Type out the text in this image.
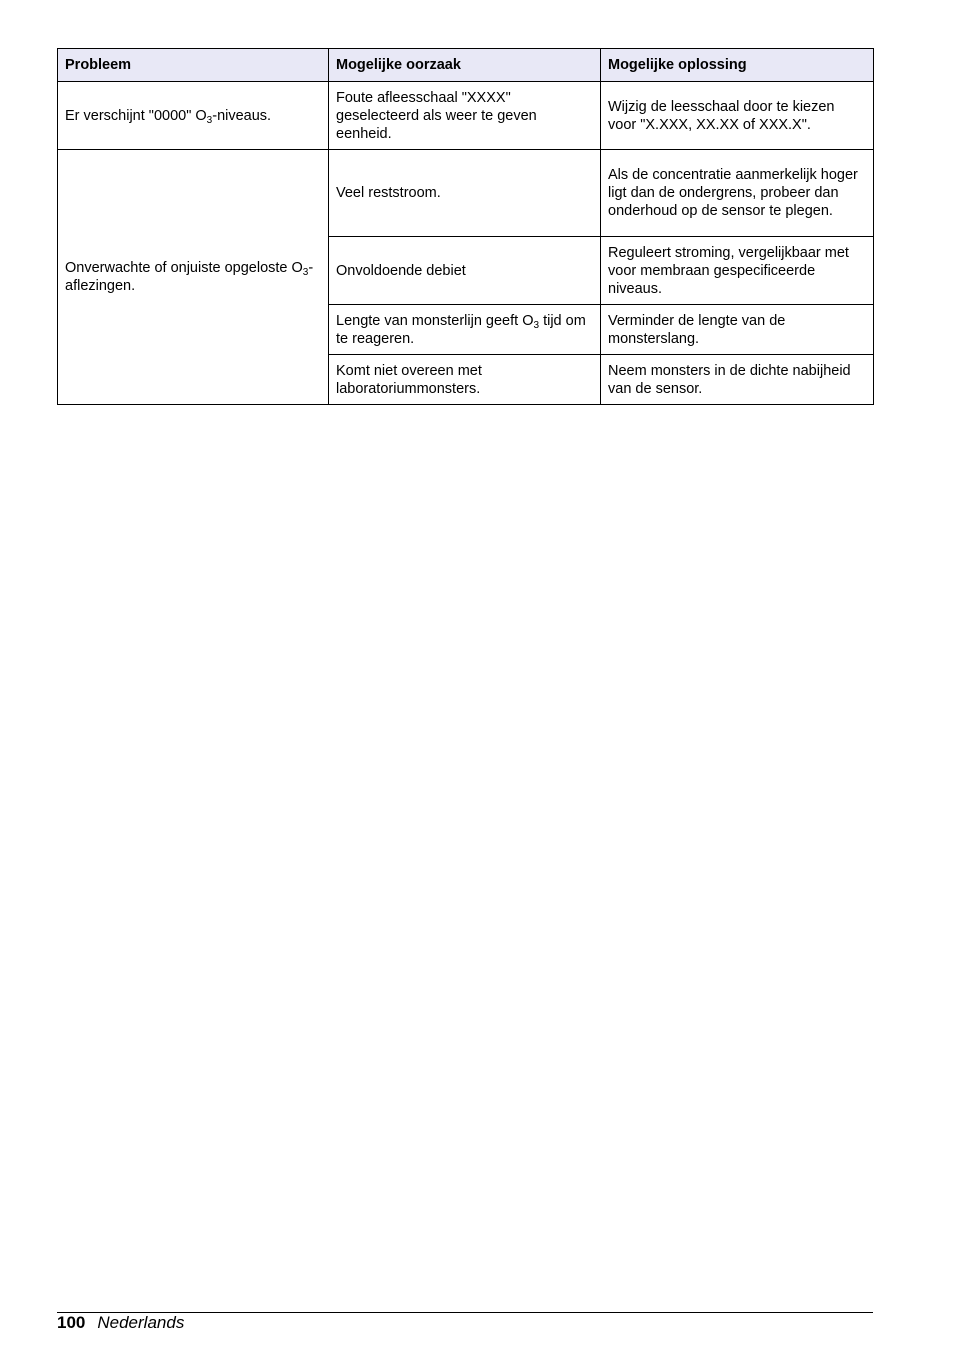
Probleem	Mogelijke oorzaak	Mogelijke oplossing
Er verschijnt "0000" $O_3$-niveaus.	Foute afleesschaal "XXXX" geselecteerd als weer te geven eenheid.	Wijzig de leesschaal door te kiezen voor "X.XXX, XX.XX of XXX.X".
Onverwachte of onjuiste opgeloste $O_3$-aflezingen.	Veel reststroom.	Als de concentratie aanmerkelijk hoger ligt dan de ondergrens, probeer dan onderhoud op de sensor te plegen.
	Onvoldoende debiet	Reguleert stroming, vergelijkbaar met voor membraan gespecificeerde niveaus.
	Lengte van monsterlijn geeft $O_3$ tijd om te reageren.	Verminder de lengte van de monsterslang.
	Komt niet overeen met laboratoriummonsters.	Neem monsters in de dichte nabijheid van de sensor.
100 Nederlands
